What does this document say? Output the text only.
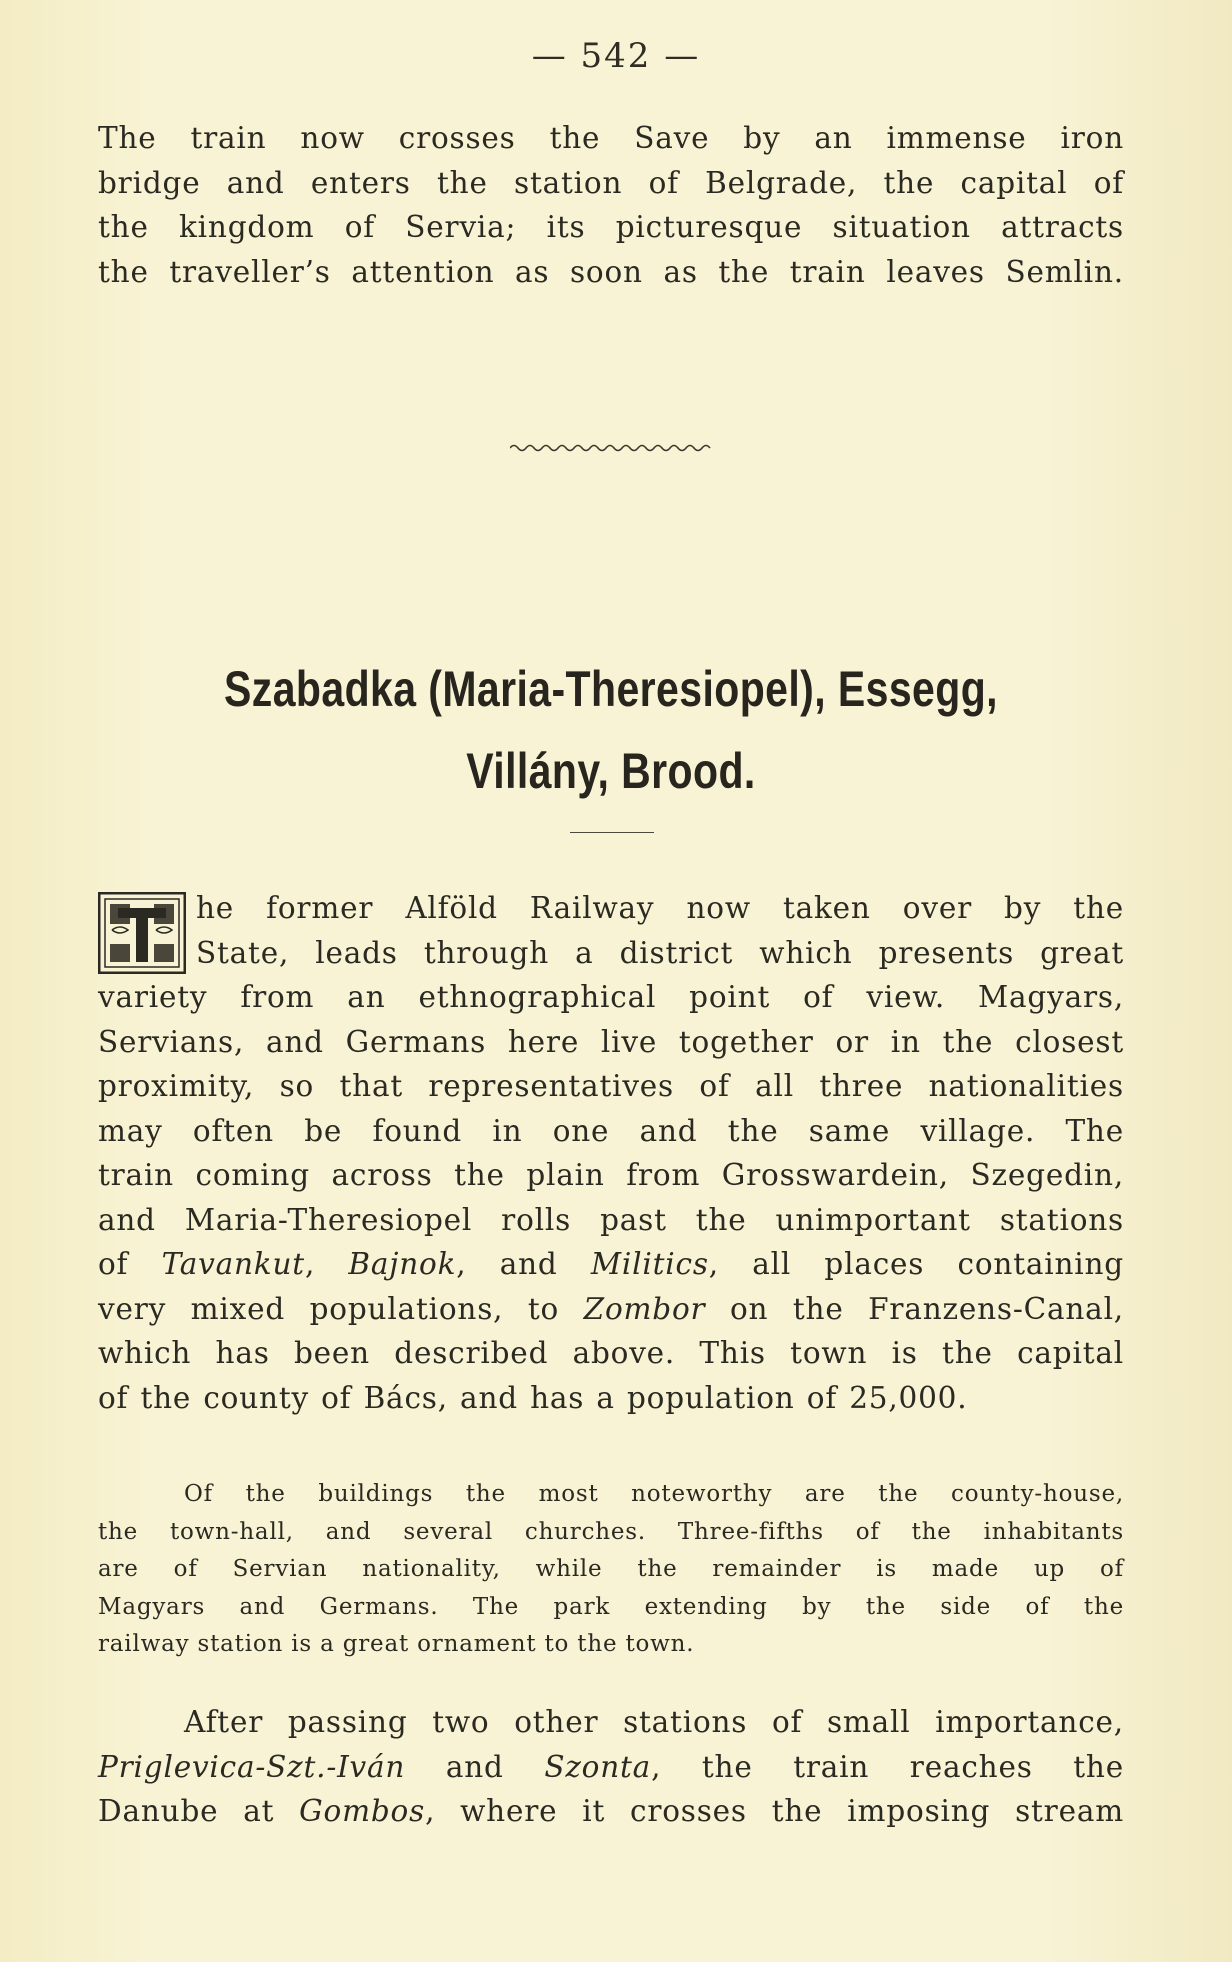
— 542 —

The train now crosses the Save by an immense iron

bridge and enters the station of Belgrade, the capital of

the kingdom of Servia; its picturesque situation attracts

the traveller’s attention as soon as the train leaves Semlin.

Szabadka (Maria-Theresiopel), Essegg,
Villány, Brood.

he former Alföld Railway now taken over by the

State, leads through a district which presents great

variety from an ethnographical point of view. Magyars,

Servians, and Germans here live together or in the closest

proximity, so that representatives of all three nationalities

may often be found in one and the same village. The

train coming across the plain from Grosswardein, Szegedin,

and Maria-Theresiopel rolls past the unimportant stations

of Tavankut, Bajnok, and Militics, all places containing

very mixed populations, to Zombor on the Franzens-Canal,

which has been described above. This town is the capital

of the county of Bács, and has a population of 25,000.

Of the buildings the most noteworthy are the county-house,

the town-hall, and several churches. Three-fifths of the inhabitants

are of Servian nationality, while the remainder is made up of

Magyars and Germans. The park extending by the side of the

railway station is a great ornament to the town.

After passing two other stations of small importance,

Priglevica-Szt.-Iván and Szonta, the train reaches the

Danube at Gombos, where it crosses the imposing stream
